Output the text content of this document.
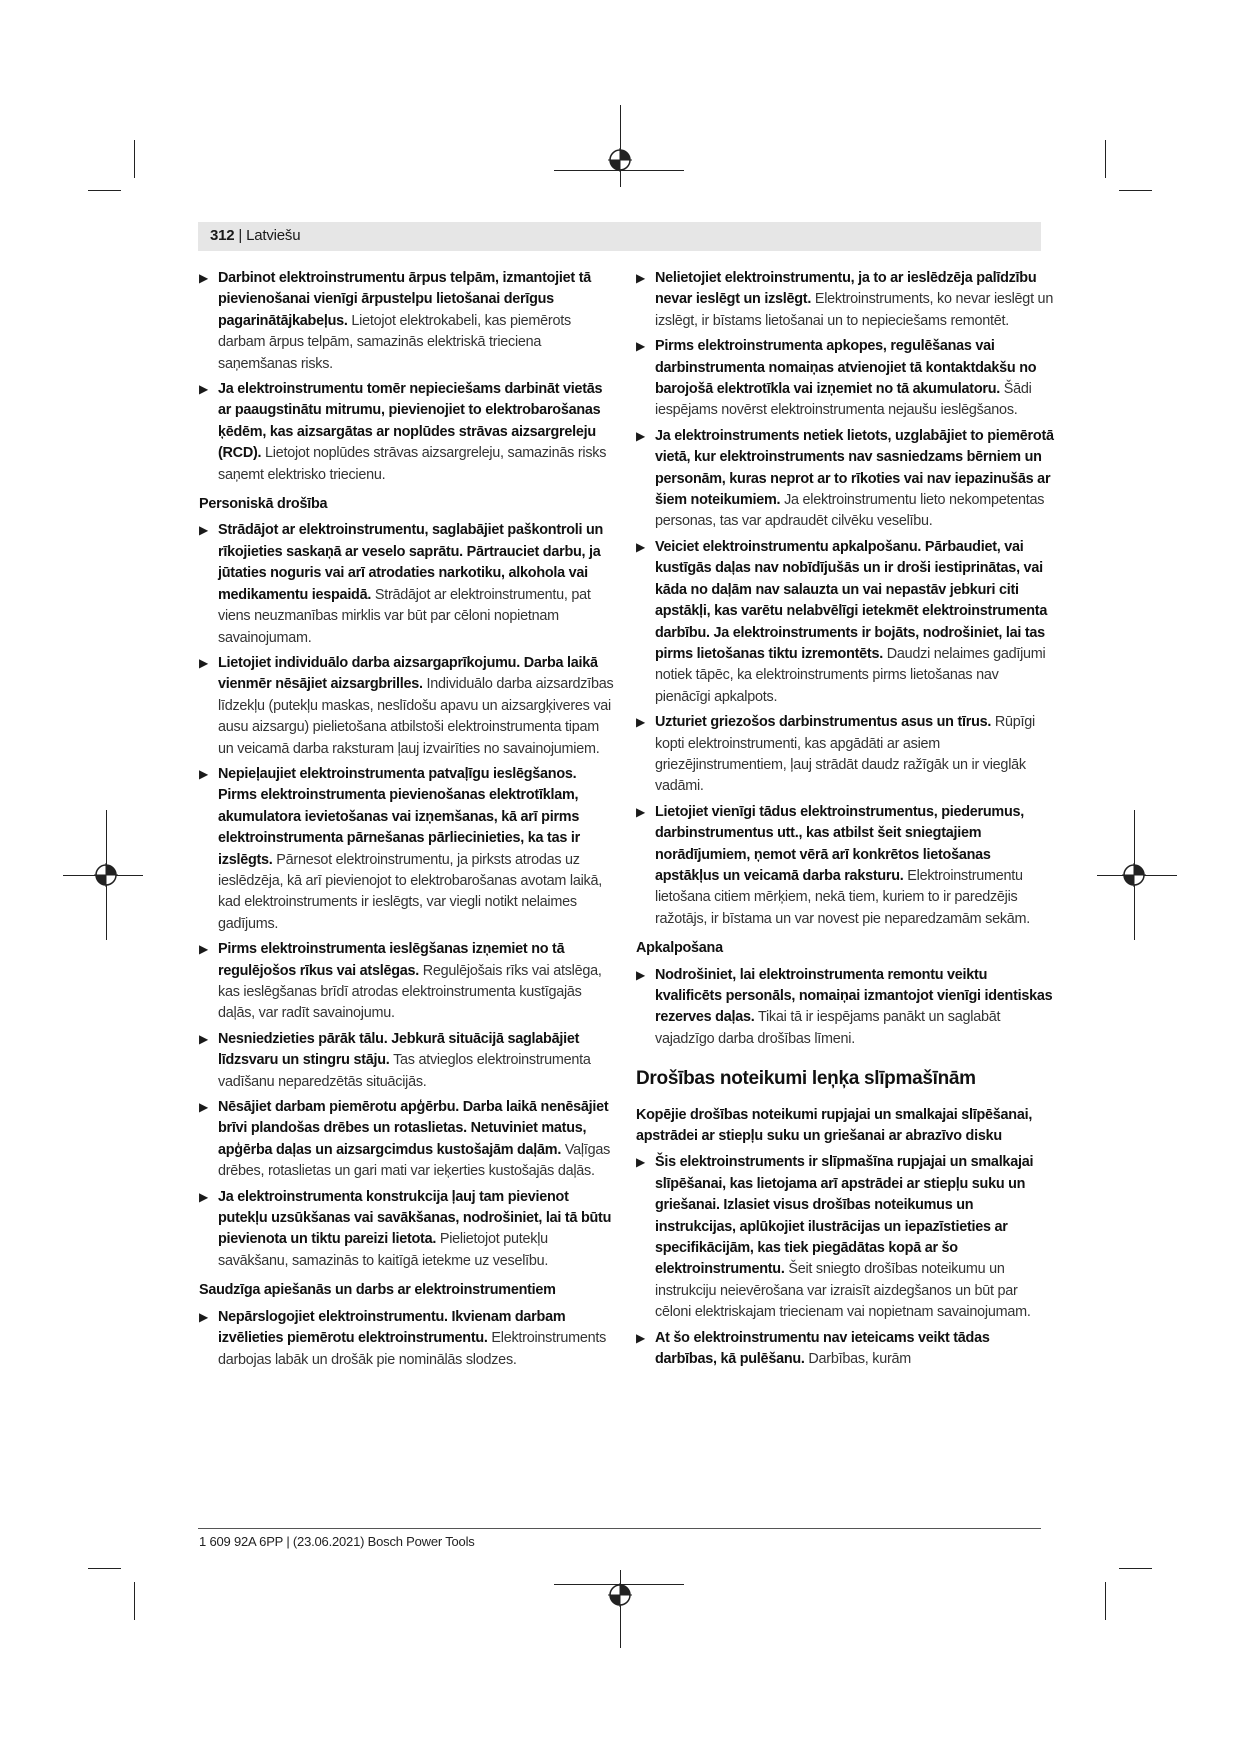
312 | Latviešu
▶ Darbinot elektroinstrumentu ārpus telpām, izmantojiet tā pievienošanai vienīgi ārpustelpu lietošanai derīgus pagarinātājkabeļus. Lietojot elektrokabeli, kas piemērots darbam ārpus telpām, samazinās elektriskā trieciena saņemšanas risks.
▶ Ja elektroinstrumentu tomēr nepieciešams darbināt vietās ar paaugstinātu mitrumu, pievienojiet to elektrobarošanas ķēdēm, kas aizsargātas ar noplūdes strāvas aizsargreleju (RCD). Lietojot noplūdes strāvas aizsargreleju, samazinās risks saņemt elektrisko triecienu.
Personiskā drošība
▶ Strādājot ar elektroinstrumentu, saglabājiet paškontroli un rīkojieties saskaņā ar veselo saprātu. Pārtrauciet darbu, ja jūtaties noguris vai arī atrodaties narkotiku, alkohola vai medikamentu iespaidā. Strādājot ar elektroinstrumentu, pat viens neuzmanības mirklis var būt par cēloni nopietnam savainojumam.
▶ Lietojiet individuālo darba aizsargaprīkojumu. Darba laikā vienmēr nēsājiet aizsargbrilles. Individuālo darba aizsardzības līdzekļu (putekļu maskas, neslīdošu apavu un aizsargķiveres vai ausu aizsargu) pielietošana atbilstoši elektroinstrumenta tipam un veicamā darba raksturam ļauj izvairīties no savainojumiem.
▶ Nepieļaujiet elektroinstrumenta patvaļīgu ieslēgšanos. Pirms elektroinstrumenta pievienošanas elektrotīklam, akumulatora ievietošanas vai izņemšanas, kā arī pirms elektroinstrumenta pārnešanas pārliecinieties, ka tas ir izslēgts. Pārnesot elektroinstrumentu, ja pirksts atrodas uz ieslēdzēja, kā arī pievienojot to elektrobarošanas avotam laikā, kad elektroinstruments ir ieslēgts, var viegli notikt nelaimes gadījums.
▶ Pirms elektroinstrumenta ieslēgšanas izņemiet no tā regulējošos rīkus vai atslēgas. Regulējošais rīks vai atslēga, kas ieslēgšanas brīdī atrodas elektroinstrumenta kustīgajās daļās, var radīt savainojumu.
▶ Nesniedzieties pārāk tālu. Jebkurā situācijā saglabājiet līdzsvaru un stingru stāju. Tas atvieglos elektroinstrumenta vadīšanu neparedzētās situācijās.
▶ Nēsājiet darbam piemērotu apģērbu. Darba laikā nenēsājiet brīvi plandošas drēbes un rotaslietas. Netuviniet matus, apģērba daļas un aizsargcimdus kustošajām daļām. Vaļīgas drēbes, rotaslietas un gari mati var ieķerties kustošajās daļās.
▶ Ja elektroinstrumenta konstrukcija ļauj tam pievienot putekļu uzsūkšanas vai savākšanas, nodrošiniet, lai tā būtu pievienota un tiktu pareizi lietota. Pielietojot putekļu savākšanu, samazinās to kaitīgā ietekme uz veselību.
Saudzīga apiešanās un darbs ar elektroinstrumentiem
▶ Nepārslogojiet elektroinstrumentu. Ikvienam darbam izvēlieties piemērotu elektroinstrumentu. Elektroinstruments darbojas labāk un drošāk pie nominālās slodzes.
▶ Nelietojiet elektroinstrumentu, ja to ar ieslēdzēja palīdzību nevar ieslēgt un izslēgt. Elektroinstruments, ko nevar ieslēgt un izslēgt, ir bīstams lietošanai un to nepieciešams remontēt.
▶ Pirms elektroinstrumenta apkopes, regulēšanas vai darbinstrumenta nomaiņas atvienojiet tā kontaktdakšu no barojošā elektrotīkla vai izņemiet no tā akumulatoru. Šādi iespējams novērst elektroinstrumenta nejaušu ieslēgšanos.
▶ Ja elektroinstruments netiek lietots, uzglabājiet to piemērotā vietā, kur elektroinstruments nav sasniedzams bērniem un personām, kuras neprot ar to rīkoties vai nav iepazinušās ar šiem noteikumiem. Ja elektroinstrumentu lieto nekompetentas personas, tas var apdraudēt cilvēku veselību.
▶ Veiciet elektroinstrumentu apkalpošanu. Pārbaudiet, vai kustīgās daļas nav nobīdījušās un ir droši iestiprinātas, vai kāda no daļām nav salauzta un vai nepastāv jebkuri citi apstākļi, kas varētu nelabvēlīgi ietekmēt elektroinstrumenta darbību. Ja elektroinstruments ir bojāts, nodrošiniet, lai tas pirms lietošanas tiktu izremontēts. Daudzi nelaimes gadījumi notiek tāpēc, ka elektroinstruments pirms lietošanas nav pienācīgi apkalpots.
▶ Uzturiet griezošos darbinstrumentus asus un tīrus. Rūpīgi kopti elektroinstrumenti, kas apgādāti ar asiem griezējinstrumentiem, ļauj strādāt daudz ražīgāk un ir vieglāk vadāmi.
▶ Lietojiet vienīgi tādus elektroinstrumentus, piederumus, darbinstrumentus utt., kas atbilst šeit sniegtajiem norādījumiem, ņemot vērā arī konkrētos lietošanas apstākļus un veicamā darba raksturu. Elektroinstrumentu lietošana citiem mērķiem, nekā tiem, kuriem to ir paredzējis ražotājs, ir bīstama un var novest pie neparedzamām sekām.
Apkalpošana
▶ Nodrošiniet, lai elektroinstrumenta remontu veiktu kvalificēts personāls, nomaiņai izmantojot vienīgi identiskas rezerves daļas. Tikai tā ir iespējams panākt un saglabāt vajadzīgo darba drošības līmeni.
Drošības noteikumi leņķa slīpmašīnām
Kopējie drošības noteikumi rupjajai un smalkajai slīpēšanai, apstrādei ar stiepļu suku un griešanai ar abrazīvo disku
▶ Šis elektroinstruments ir slīpmašīna rupjajai un smalkajai slīpēšanai, kas lietojama arī apstrādei ar stiepļu suku un griešanai. Izlasiet visus drošības noteikumus un instrukcijas, aplūkojiet ilustrācijas un iepazīstieties ar specifikācijām, kas tiek piegādātas kopā ar šo elektroinstrumentu. Šeit sniegto drošības noteikumu un instrukciju neievērošana var izraisīt aizdegšanos un būt par cēloni elektriskajam triecienam vai nopietnam savainojumam.
▶ At šo elektroinstrumentu nav ieteicams veikt tādas darbības, kā pulēšanu. Darbības, kurām
1 609 92A 6PP | (23.06.2021) Bosch Power Tools
